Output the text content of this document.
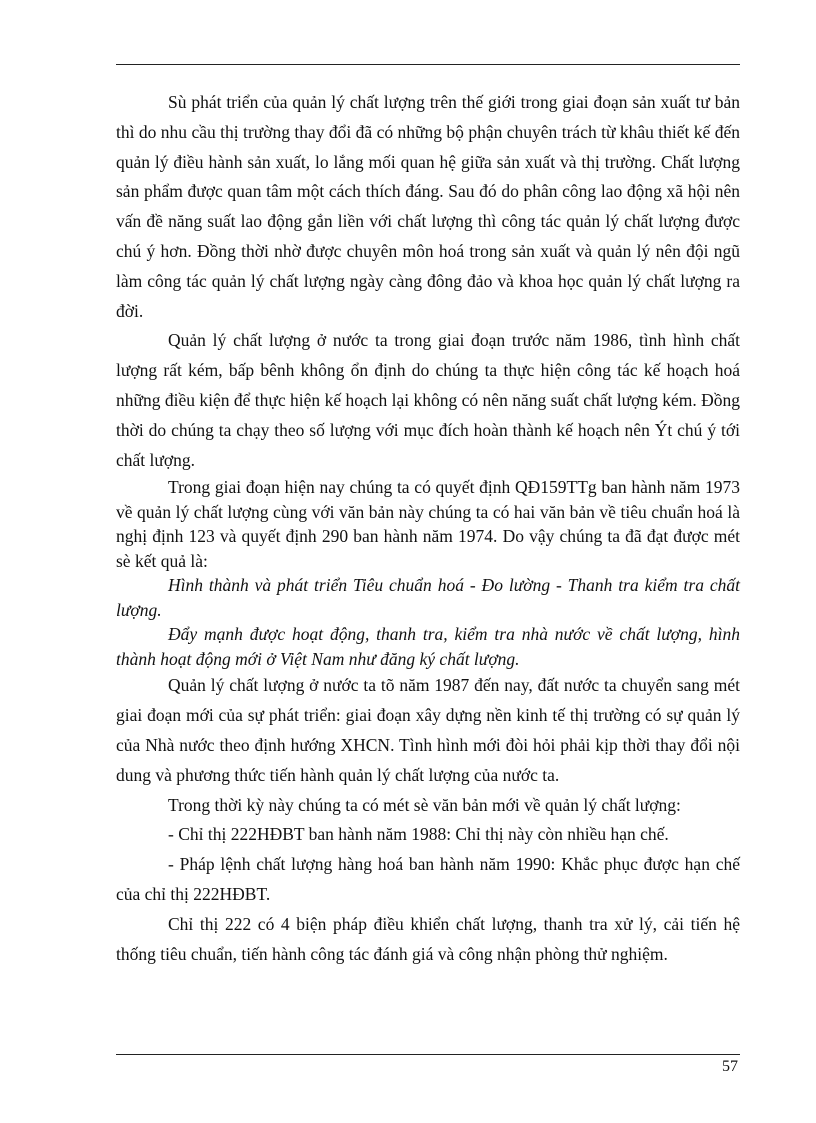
Sù phát triển của quản lý chất lượng trên thế giới trong giai đoạn sản xuất tư bản thì do nhu cầu thị trường thay đổi đã có những bộ phận chuyên trách từ khâu thiết kế đến quản lý điều hành sản xuất, lo lắng mối quan hệ giữa sản xuất và thị trường. Chất lượng sản phẩm được quan tâm một cách thích đáng. Sau đó do phân công lao động xã hội nên vấn đề năng suất lao động gắn liền với chất lượng thì công tác quản lý chất lượng được chú ý hơn. Đồng thời nhờ được chuyên môn hoá trong sản xuất và quản lý nên đội ngũ làm công tác quản lý chất lượng ngày càng đông đảo và khoa học quản lý chất lượng ra đời.

Quản lý chất lượng ở nước ta trong giai đoạn trước năm 1986, tình hình chất lượng rất kém, bấp bênh không ổn định do chúng ta thực hiện công tác kế hoạch hoá những điều kiện để thực hiện kế hoạch lại không có nên năng suất chất lượng kém. Đồng thời do chúng ta chạy theo số lượng với mục đích hoàn thành kế hoạch nên Ýt chú ý tới chất lượng.

Trong giai đoạn hiện nay chúng ta có quyết định QĐ159TTg ban hành năm 1973 về quản lý chất lượng cùng với văn bản này chúng ta có hai văn bản về tiêu chuẩn hoá là nghị định 123 và quyết định 290 ban hành năm 1974. Do vậy chúng ta đã đạt được mét sè kết quả là:

Hình thành và phát triển Tiêu chuẩn hoá - Đo lường - Thanh tra kiểm tra chất lượng.

Đẩy mạnh được hoạt động, thanh tra, kiểm tra nhà nước về chất lượng, hình thành hoạt động mới ở Việt Nam như đăng ký chất lượng.

Quản lý chất lượng ở nước ta tõ năm 1987 đến nay, đất nước ta chuyển sang mét giai đoạn mới của sự phát triển: giai đoạn xây dựng nền kinh tế thị trường có sự quản lý của Nhà nước theo định hướng XHCN. Tình hình mới đòi hỏi phải kịp thời thay đổi nội dung và phương thức tiến hành quản lý chất lượng của nước ta.

Trong thời kỳ này chúng ta có mét sè văn bản mới về quản lý chất lượng:

- Chỉ thị 222HĐBT ban hành năm 1988: Chỉ thị này còn nhiều hạn chế.

- Pháp lệnh chất lượng hàng hoá ban hành năm 1990: Khắc phục được hạn chế của chỉ thị 222HĐBT.

Chỉ thị 222 có 4 biện pháp điều khiển chất lượng, thanh tra xử lý, cải tiến hệ thống tiêu chuẩn, tiến hành công tác đánh giá và công nhận phòng thử nghiệm.

57
